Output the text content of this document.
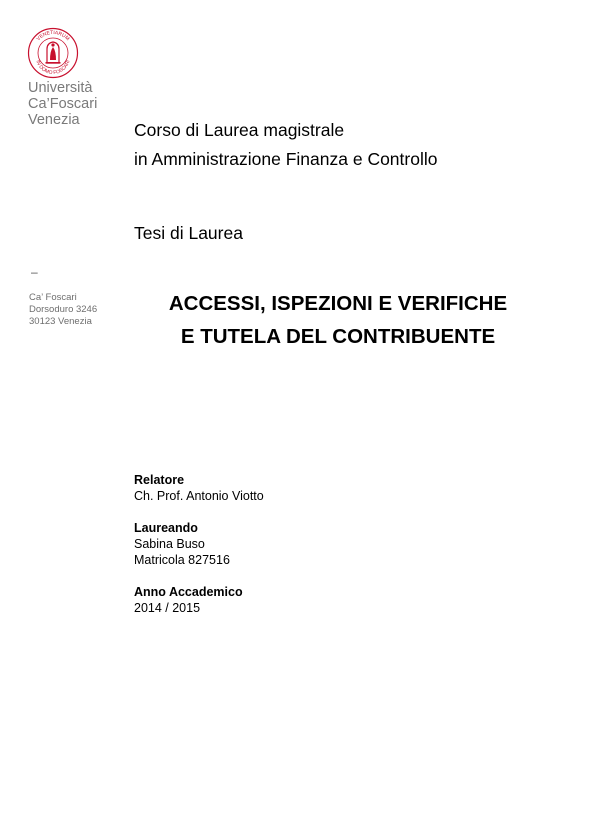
VENETIARUM
IN DOMO FOSCARI
Università
Ca’Foscari
Venezia
–
Ca’ Foscari
Dorsoduro 3246
30123 Venezia
Corso di Laurea magistrale
in Amministrazione Finanza e Controllo
Tesi di Laurea
ACCESSI, ISPEZIONI E VERIFICHE
E TUTELA DEL CONTRIBUENTE
Relatore
Ch. Prof. Antonio Viotto
Laureando
Sabina Buso
Matricola 827516
Anno Accademico
2014 / 2015
